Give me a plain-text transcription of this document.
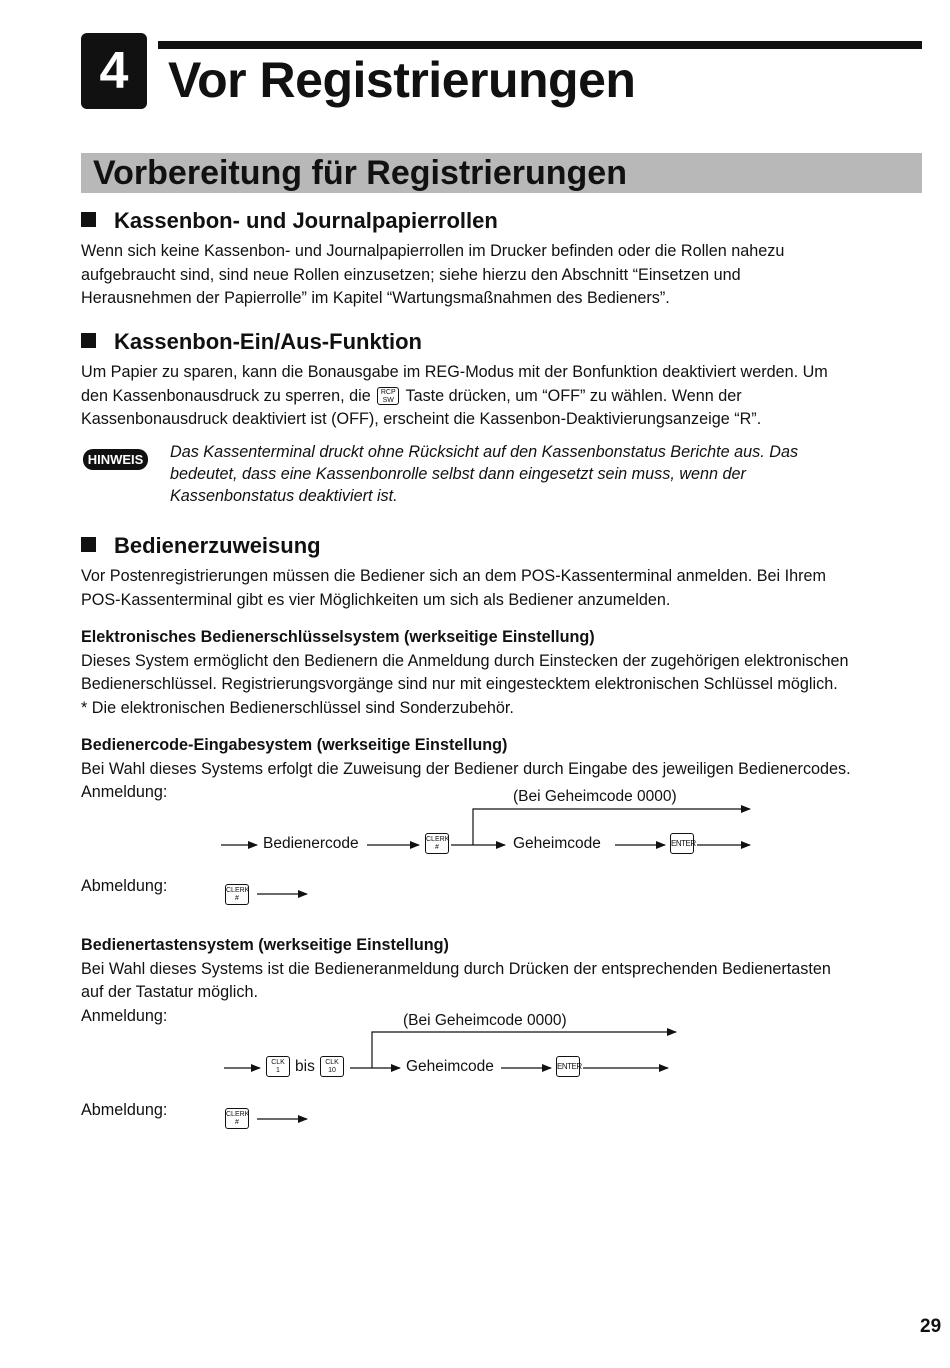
4 Vor Registrierungen
Vorbereitung für Registrierungen
Kassenbon- und Journalpapierrollen

Wenn sich keine Kassenbon- und Journalpapierrollen im Drucker befinden oder die Rollen nahezu

aufgebraucht sind, sind neue Rollen einzusetzen; siehe hierzu den Abschnitt “Einsetzen und

Herausnehmen der Papierrolle” im Kapitel “Wartungsmaßnahmen des Bedieners”.

Kassenbon-Ein/Aus-Funktion

Um Papier zu sparen, kann die Bonausgabe im REG-Modus mit der Bonfunktion deaktiviert werden. Um

den Kassenbonausdruck zu sperren, die	RCP
SW Taste drücken, um “OFF” zu wählen. Wenn der

Kassenbonausdruck deaktiviert ist (OFF), erscheint die Kassenbon-Deaktivierungsanzeige “R”.

HINWEIS Das Kassenterminal druckt ohne Rücksicht auf den Kassenbonstatus Berichte aus. Das
bedeutet, dass eine Kassenbonrolle selbst dann eingesetzt sein muss, wenn der
Kassenbonstatus deaktiviert ist.
Bedienerzuweisung

Vor Postenregistrierungen müssen die Bediener sich an dem POS-Kassenterminal anmelden. Bei Ihrem

POS-Kassenterminal gibt es vier Möglichkeiten um sich als Bediener anzumelden.

Elektronisches Bedienerschlüsselsystem (werkseitige Einstellung)

Dieses System ermöglicht den Bedienern die Anmeldung durch Einstecken der zugehörigen elektronischen

Bedienerschlüssel. Registrierungsvorgänge sind nur mit eingestecktem elektronischen Schlüssel möglich.

* Die elektronischen Bedienerschlüssel sind Sonderzubehör.

Bedienercode-Eingabesystem (werkseitige Einstellung)

Bei Wahl dieses Systems erfolgt die Zuweisung der Bediener durch Eingabe des jeweiligen Bedienercodes.

Anmeldung:
Abmeldung:
(Bei Geheimcode 0000)
Bedienercode	CLERK
#	Geheimcode	ENTER
CLERK
#

Bedienertastensystem (werkseitige Einstellung)

Bei Wahl dieses Systems ist die Bedieneranmeldung durch Drücken der entsprechenden Bedienertasten

auf der Tastatur möglich.

Anmeldung:
Abmeldung:
(Bei Geheimcode 0000)
CLK
1 bis	CLK
10	Geheimcode	ENTER
CLERK
#
29
